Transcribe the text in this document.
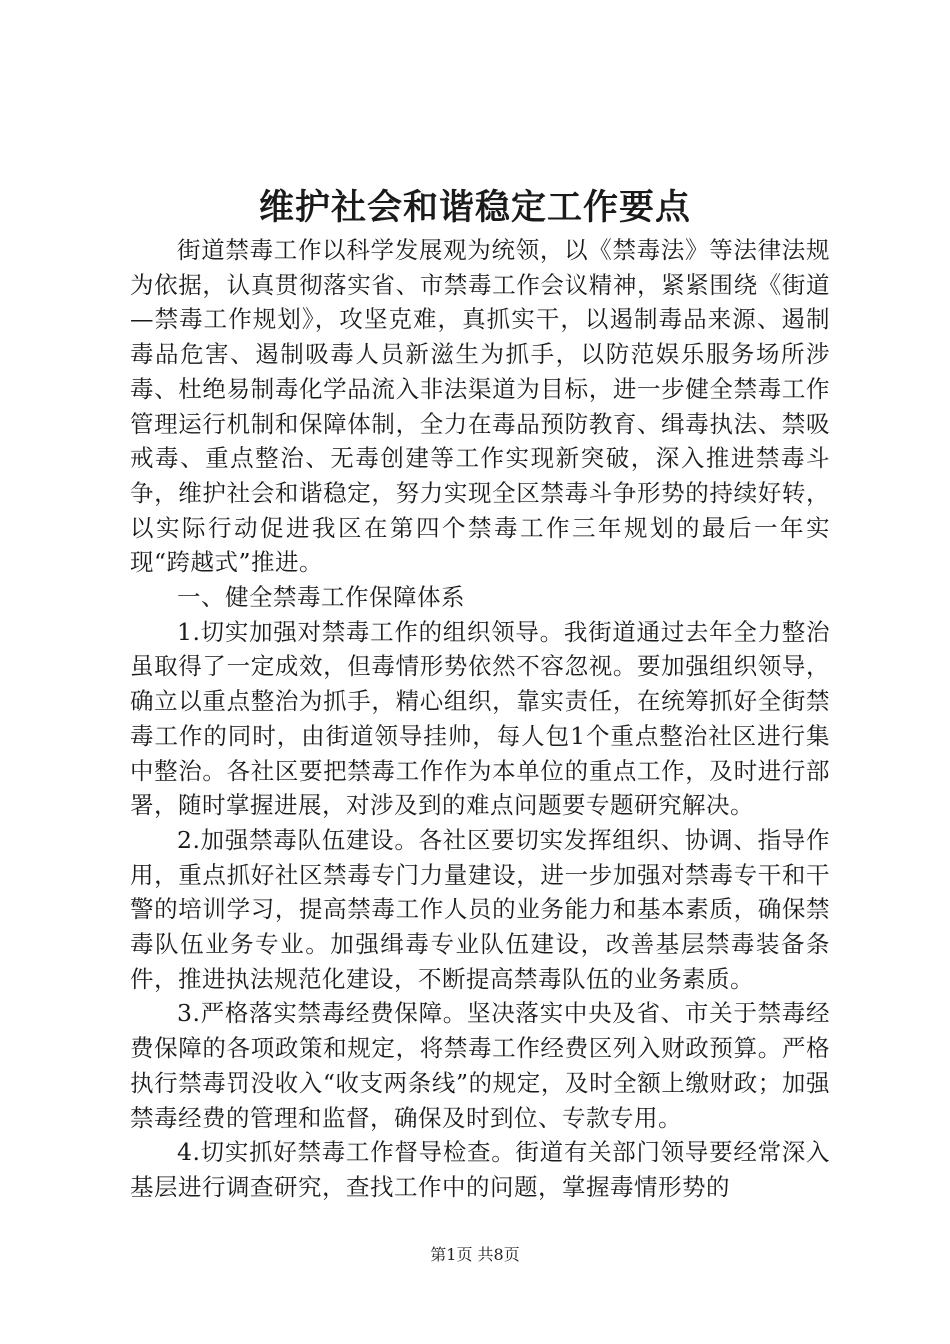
维护社会和谐稳定工作要点

街道禁毒工作以科学发展观为统领，以《禁毒法》等法律法规为依据，认真贯彻落实省、市禁毒工作会议精神，紧紧围绕《街道—禁毒工作规划》，攻坚克难，真抓实干，以遏制毒品来源、遏制毒品危害、遏制吸毒人员新滋生为抓手，以防范娱乐服务场所涉毒、杜绝易制毒化学品流入非法渠道为目标，进一步健全禁毒工作管理运行机制和保障体制，全力在毒品预防教育、缉毒执法、禁吸戒毒、重点整治、无毒创建等工作实现新突破，深入推进禁毒斗争，维护社会和谐稳定，努力实现全区禁毒斗争形势的持续好转，以实际行动促进我区在第四个禁毒工作三年规划的最后一年实现“跨越式”推进。

一、健全禁毒工作保障体系

1.切实加强对禁毒工作的组织领导。我街道通过去年全力整治虽取得了一定成效，但毒情形势依然不容忽视。要加强组织领导，确立以重点整治为抓手，精心组织，靠实责任，在统筹抓好全街禁毒工作的同时，由街道领导挂帅，每人包1个重点整治社区进行集中整治。各社区要把禁毒工作作为本单位的重点工作，及时进行部署，随时掌握进展，对涉及到的难点问题要专题研究解决。

2.加强禁毒队伍建设。各社区要切实发挥组织、协调、指导作用，重点抓好社区禁毒专门力量建设，进一步加强对禁毒专干和干警的培训学习，提高禁毒工作人员的业务能力和基本素质，确保禁毒队伍业务专业。加强缉毒专业队伍建设，改善基层禁毒装备条件，推进执法规范化建设，不断提高禁毒队伍的业务素质。

3.严格落实禁毒经费保障。坚决落实中央及省、市关于禁毒经费保障的各项政策和规定，将禁毒工作经费区列入财政预算。严格执行禁毒罚没收入“收支两条线”的规定，及时全额上缴财政；加强禁毒经费的管理和监督，确保及时到位、专款专用。

4.切实抓好禁毒工作督导检查。街道有关部门领导要经常深入基层进行调查研究，查找工作中的问题，掌握毒情形势的

第1页 共8页
